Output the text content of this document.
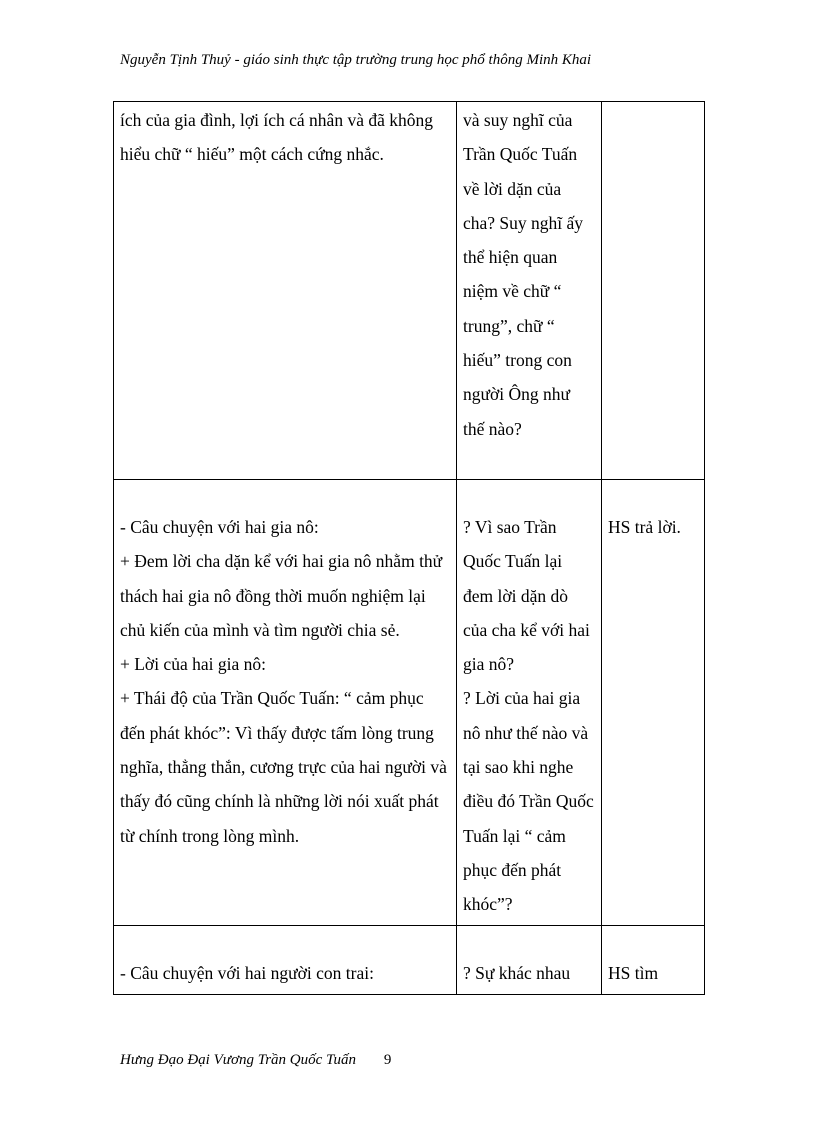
Nguyễn Tịnh Thuỷ - giáo sinh thực tập trường trung học phổ thông Minh Khai
ích của gia đình, lợi ích cá nhân và đã không hiểu chữ “ hiếu” một cách cứng nhắc.	và suy nghĩ của Trần Quốc Tuấn về lời dặn của cha? Suy nghĩ ấy thể hiện quan niệm về chữ “ trung”, chữ “ hiếu” trong con người Ông như thế nào?	

- Câu chuyện với hai gia nô:
+ Đem lời cha dặn kể với hai gia nô nhằm thử thách hai gia nô đồng thời muốn nghiệm lại chủ kiến của mình và tìm người chia sẻ.
+ Lời của hai gia nô:
+ Thái độ của Trần Quốc Tuấn: “ cảm phục đến phát khóc”: Vì thấy được tấm lòng trung nghĩa, thẳng thắn, cương trực của hai người và thấy đó cũng chính là những lời nói xuất phát từ chính trong lòng mình.	? Vì sao Trần Quốc Tuấn lại đem lời dặn dò của cha kể với hai gia nô?
? Lời của hai gia nô như thế nào và tại sao khi nghe điều đó Trần Quốc Tuấn lại “ cảm phục đến phát khóc”?	HS trả lời.

- Câu chuyện với hai người con trai:	? Sự khác nhau	HS tìm
Hưng Đạo Đại Vương Trần Quốc Tuấn 9
